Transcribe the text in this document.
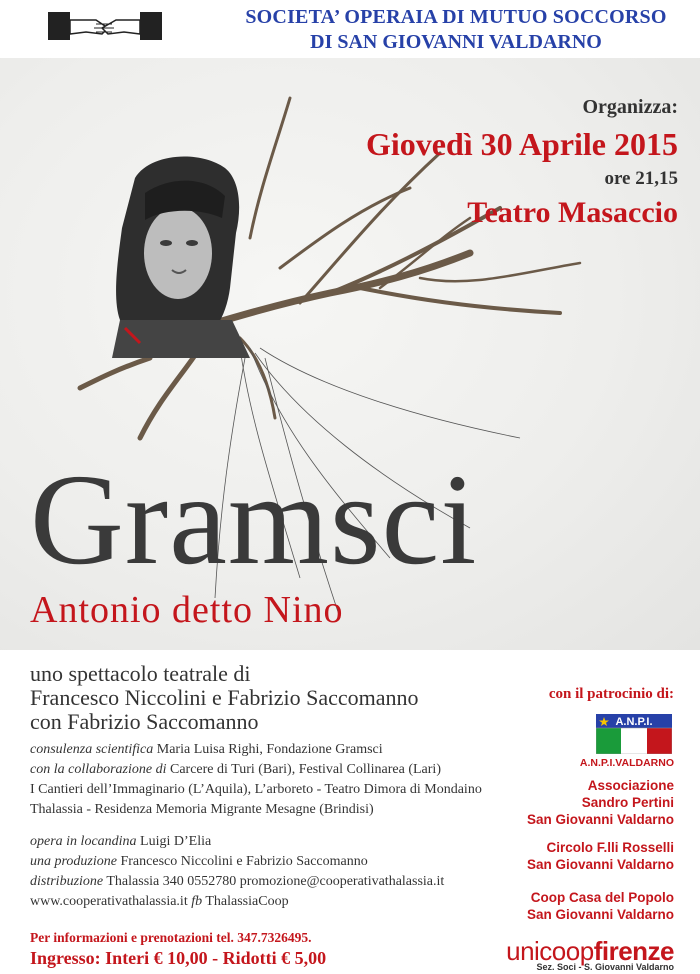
SOCIETA’ OPERAIA DI MUTUO SOCCORSO
DI SAN GIOVANNI VALDARNO
Organizza:
Giovedì 30 Aprile 2015
ore 21,15
Teatro Masaccio
Gramsci
Antonio detto Nino
uno spettacolo teatrale di
Francesco Niccolini e Fabrizio Saccomanno
con Fabrizio Saccomanno
consulenza scientifica Maria Luisa Righi, Fondazione Gramsci
con la collaborazione di Carcere di Turi (Bari), Festival Collinarea (Lari)
I Cantieri dell’Immaginario (L’Aquila), L’arboreto - Teatro Dimora di Mondaino
Thalassia - Residenza Memoria Migrante Mesagne (Brindisi)
opera in locandina Luigi D’Elia
una produzione Francesco Niccolini e Fabrizio Saccomanno
distribuzione Thalassia 340 0552780 promozione@cooperativathalassia.it
www.cooperativathalassia.it fb ThalassiaCoop
Per informazioni e prenotazioni tel. 347.7326495.
Ingresso: Interi € 10,00 - Ridotti € 5,00
con il patrocinio di:
A.N.P.I.
A.N.P.I.VALDARNO
Associazione
Sandro Pertini
San Giovanni Valdarno
Circolo F.lli Rosselli
San Giovanni Valdarno
Coop Casa del Popolo
San Giovanni Valdarno
unicoopfirenze
Sez. Soci - S. Giovanni Valdarno
